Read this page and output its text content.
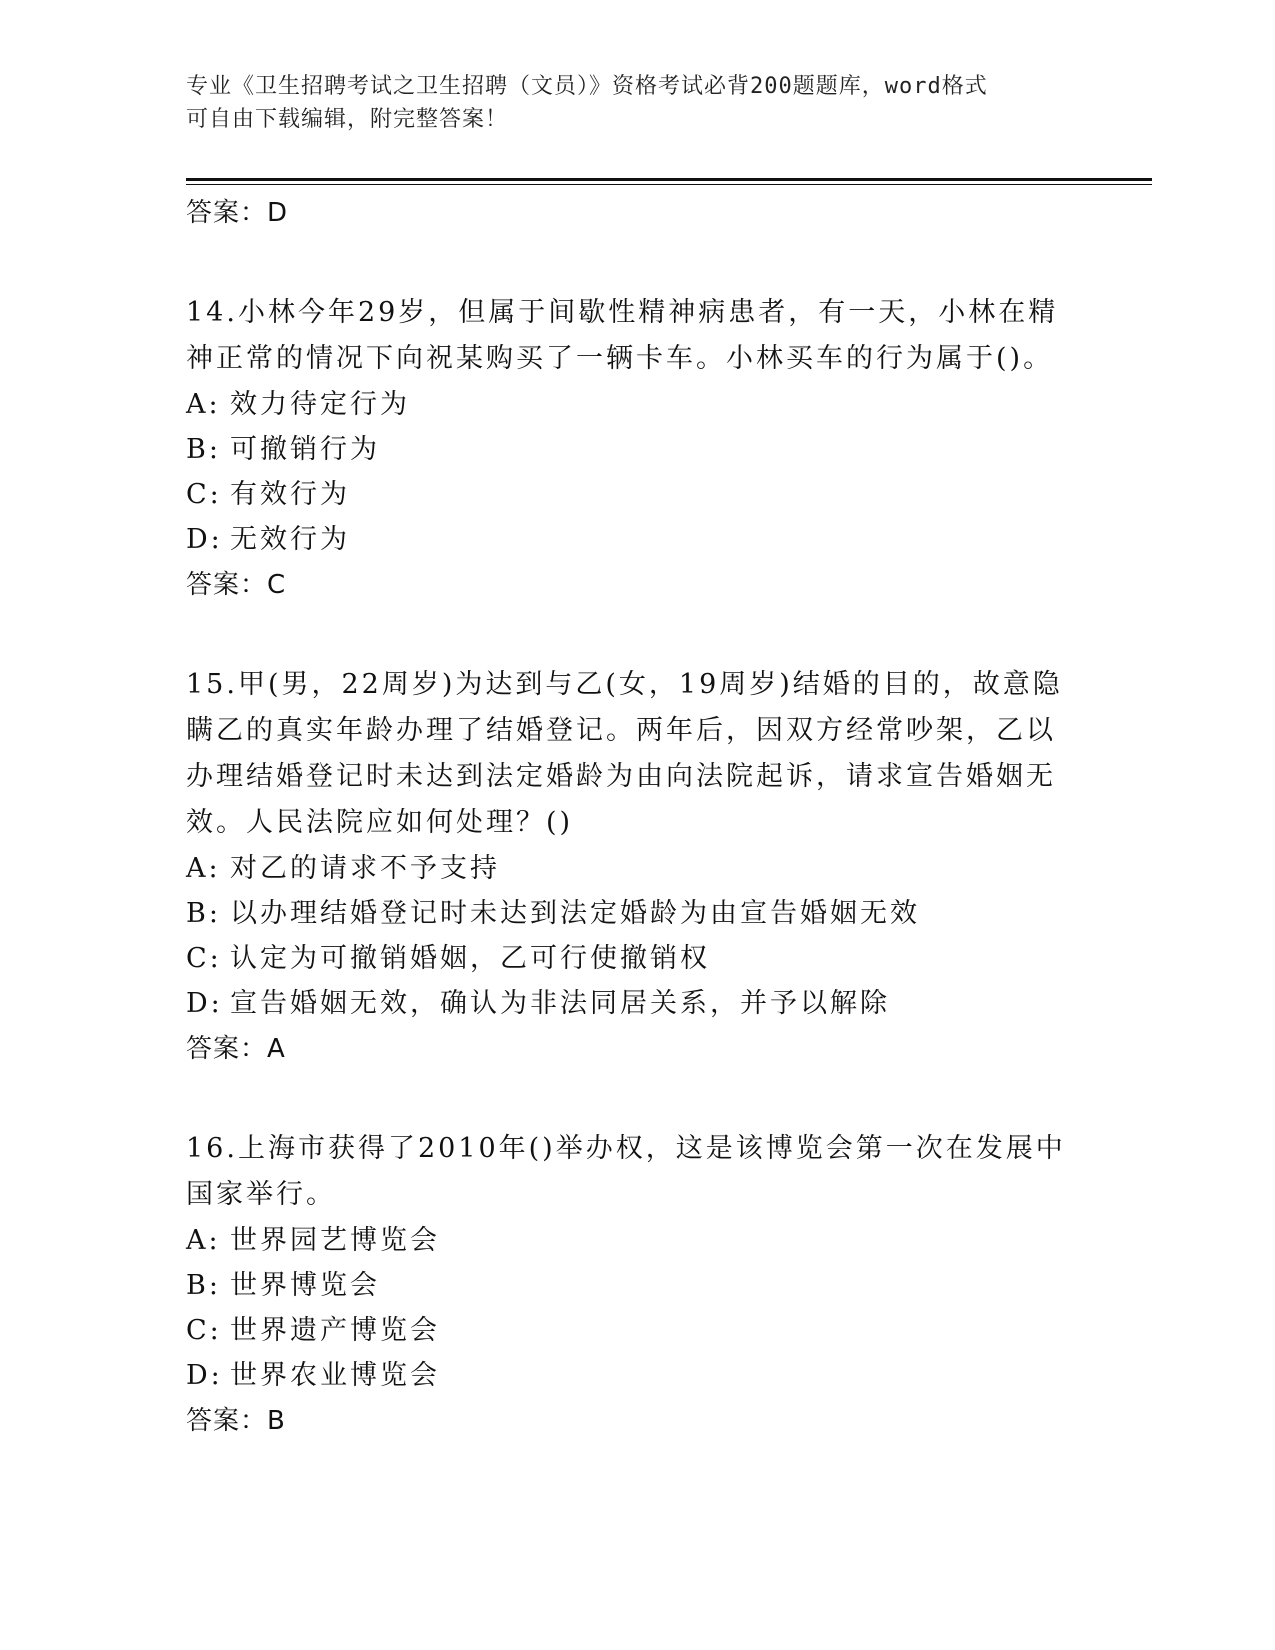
专业《卫生招聘考试之卫生招聘（文员）》资格考试必背200题题库，word格式
可自由下载编辑，附完整答案！

答案：D

14.小林今年29岁，但属于间歇性精神病患者，有一天，小林在精神正常的情况下向祝某购买了一辆卡车。小林买车的行为属于()。

A: 效力待定行为
B: 可撤销行为
C: 有效行为
D: 无效行为

答案：C

15.甲(男，22周岁)为达到与乙(女，19周岁)结婚的目的，故意隐瞒乙的真实年龄办理了结婚登记。两年后，因双方经常吵架，乙以办理结婚登记时未达到法定婚龄为由向法院起诉，请求宣告婚姻无效。人民法院应如何处理？()

A: 对乙的请求不予支持
B: 以办理结婚登记时未达到法定婚龄为由宣告婚姻无效
C: 认定为可撤销婚姻，乙可行使撤销权
D: 宣告婚姻无效，确认为非法同居关系，并予以解除

答案：A

16.上海市获得了2010年()举办权，这是该博览会第一次在发展中国家举行。

A: 世界园艺博览会
B: 世界博览会
C: 世界遗产博览会
D: 世界农业博览会

答案：B
